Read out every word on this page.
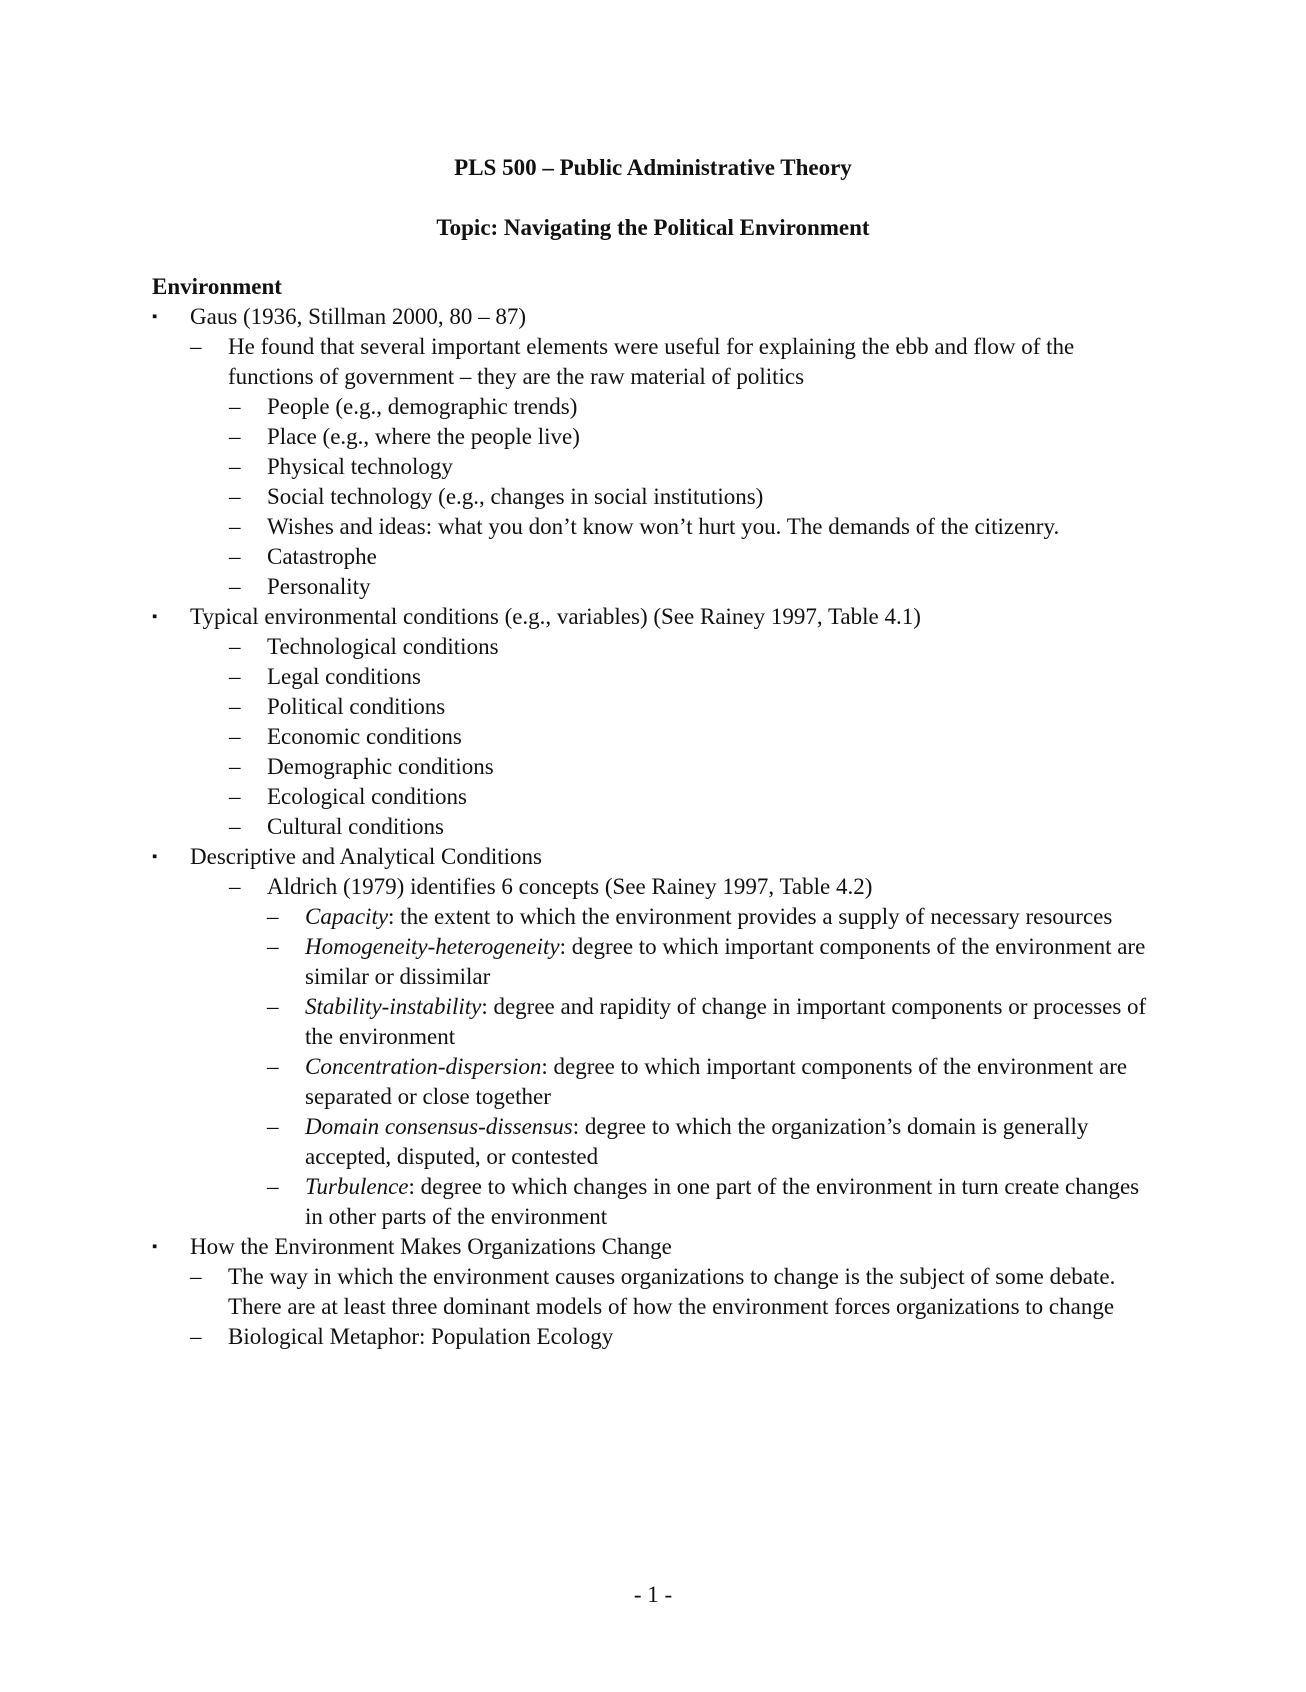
PLS 500 – Public Administrative Theory
Topic: Navigating the Political Environment
Environment
▪ Gaus (1936, Stillman 2000, 80 – 87)
– He found that several important elements were useful for explaining the ebb and flow of the functions of government – they are the raw material of politics
– People (e.g., demographic trends)
– Place (e.g., where the people live)
– Physical technology
– Social technology (e.g., changes in social institutions)
– Wishes and ideas: what you don’t know won’t hurt you. The demands of the citizenry.
– Catastrophe
– Personality
▪ Typical environmental conditions (e.g., variables) (See Rainey 1997, Table 4.1)
– Technological conditions
– Legal conditions
– Political conditions
– Economic conditions
– Demographic conditions
– Ecological conditions
– Cultural conditions
▪ Descriptive and Analytical Conditions
– Aldrich (1979) identifies 6 concepts (See Rainey 1997, Table 4.2)
– Capacity: the extent to which the environment provides a supply of necessary resources
– Homogeneity-heterogeneity: degree to which important components of the environment are similar or dissimilar
– Stability-instability: degree and rapidity of change in important components or processes of the environment
– Concentration-dispersion: degree to which important components of the environment are separated or close together
– Domain consensus-dissensus: degree to which the organization’s domain is generally accepted, disputed, or contested
– Turbulence: degree to which changes in one part of the environment in turn create changes in other parts of the environment
▪ How the Environment Makes Organizations Change
– The way in which the environment causes organizations to change is the subject of some debate. There are at least three dominant models of how the environment forces organizations to change
– Biological Metaphor: Population Ecology
- 1 -
